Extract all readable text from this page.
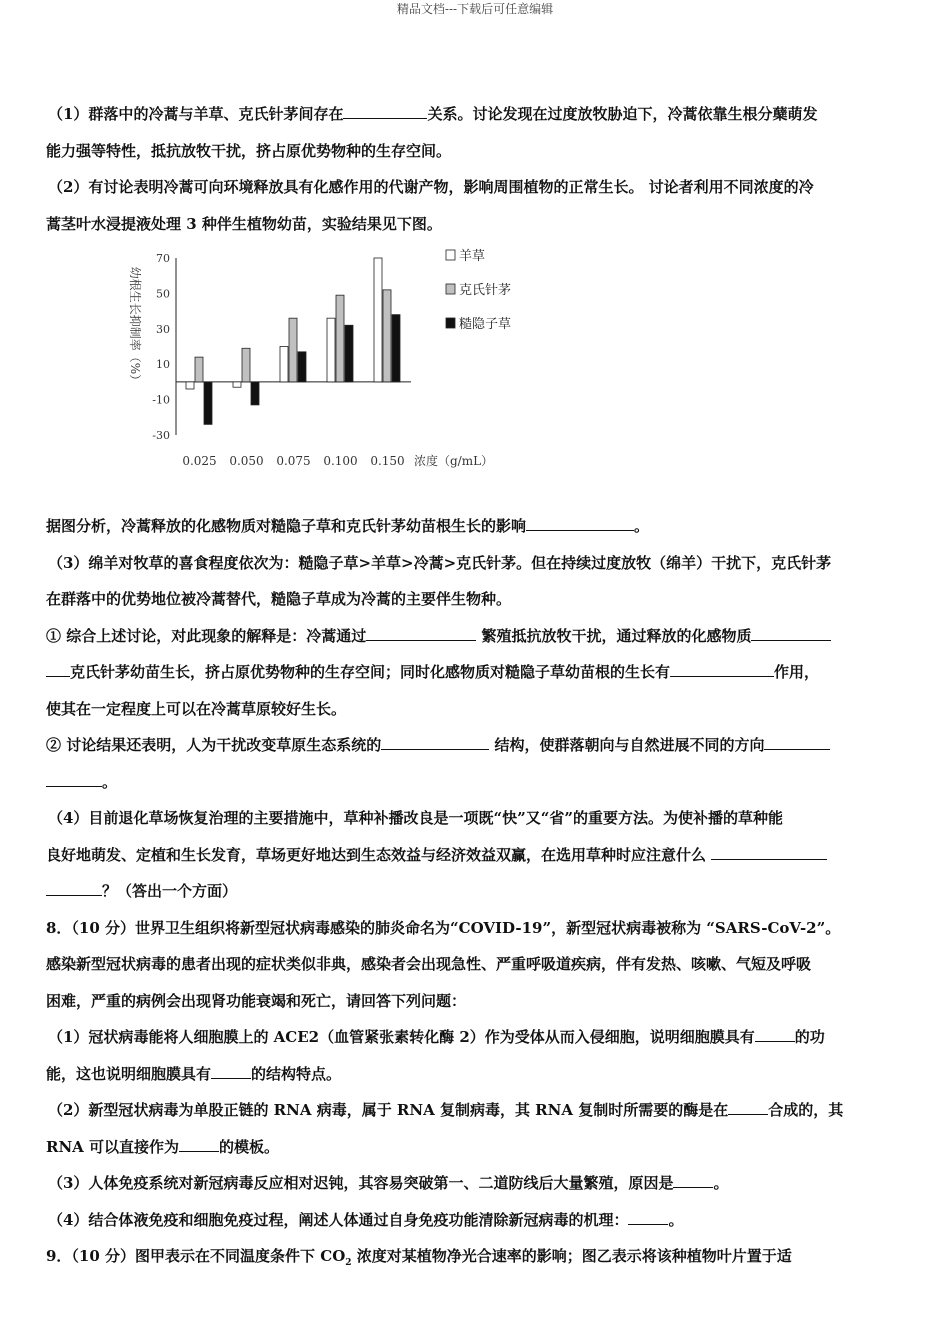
精品文档---下载后可任意编辑
（1）群落中的冷蒿与羊草、克氏针茅间存在	关系。讨论发现在过度放牧胁迫下，冷蒿依靠生根分蘖萌发
能力强等特性，抵抗放牧干扰，挤占原优势物种的生存空间。
（2）有讨论表明冷蒿可向环境释放具有化感作用的代谢产物，影响周围植物的正常生长。 讨论者利用不同浓度的冷
蒿茎叶水浸提液处理 3 种伴生植物幼苗，实验结果见下图。
70
50
30
10
-10
-30
幼根生长抑制率（%）
0.025 0.050 0.075 0.100 0.150 浓度（g/mL）
羊草
克氏针茅
糙隐子草
据图分析，冷蒿释放的化感物质对糙隐子草和克氏针茅幼苗根生长的影响	。
（3）绵羊对牧草的喜食程度依次为：糙隐子草>羊草>冷蒿>克氏针茅。但在持续过度放牧（绵羊）干扰下，克氏针茅
在群落中的优势地位被冷蒿替代，糙隐子草成为冷蒿的主要伴生物种。
① 综合上述讨论，对此现象的解释是：冷蒿通过	繁殖抵抗放牧干扰，通过释放的化感物质
克氏针茅幼苗生长，挤占原优势物种的生存空间；同时化感物质对糙隐子草幼苗根的生长有	作用，
使其在一定程度上可以在冷蒿草原较好生长。
② 讨论结果还表明，人为干扰改变草原生态系统的	结构，使群落朝向与自然进展不同的方向
。
（4）目前退化草场恢复治理的主要措施中，草种补播改良是一项既“快”又“省”的重要方法。为使补播的草种能
良好地萌发、定植和生长发育，草场更好地达到生态效益与经济效益双赢，在选用草种时应注意什么
？（答出一个方面）
8．（10 分）世界卫生组织将新型冠状病毒感染的肺炎命名为“COVID-19”，新型冠状病毒被称为 “SARS-CoV-2”。
感染新型冠状病毒的患者出现的症状类似非典，感染者会出现急性、严重呼吸道疾病，伴有发热、咳嗽、气短及呼吸
困难，严重的病例会出现肾功能衰竭和死亡，请回答下列问题：
（1）冠状病毒能将人细胞膜上的 ACE2（血管紧张素转化酶 2）作为受体从而入侵细胞，说明细胞膜具有	的功
能，这也说明细胞膜具有	的结构特点。
（2）新型冠状病毒为单股正链的 RNA 病毒，属于 RNA 复制病毒，其 RNA 复制时所需要的酶是在	合成的，其
RNA 可以直接作为	的模板。
（3）人体免疫系统对新冠病毒反应相对迟钝，其容易突破第一、二道防线后大量繁殖，原因是	。
（4）结合体液免疫和细胞免疫过程，阐述人体通过自身免疫功能清除新冠病毒的机理：	。
9．（10 分）图甲表示在不同温度条件下 $CO_2$ 浓度对某植物净光合速率的影响；图乙表示将该种植物叶片置于适
